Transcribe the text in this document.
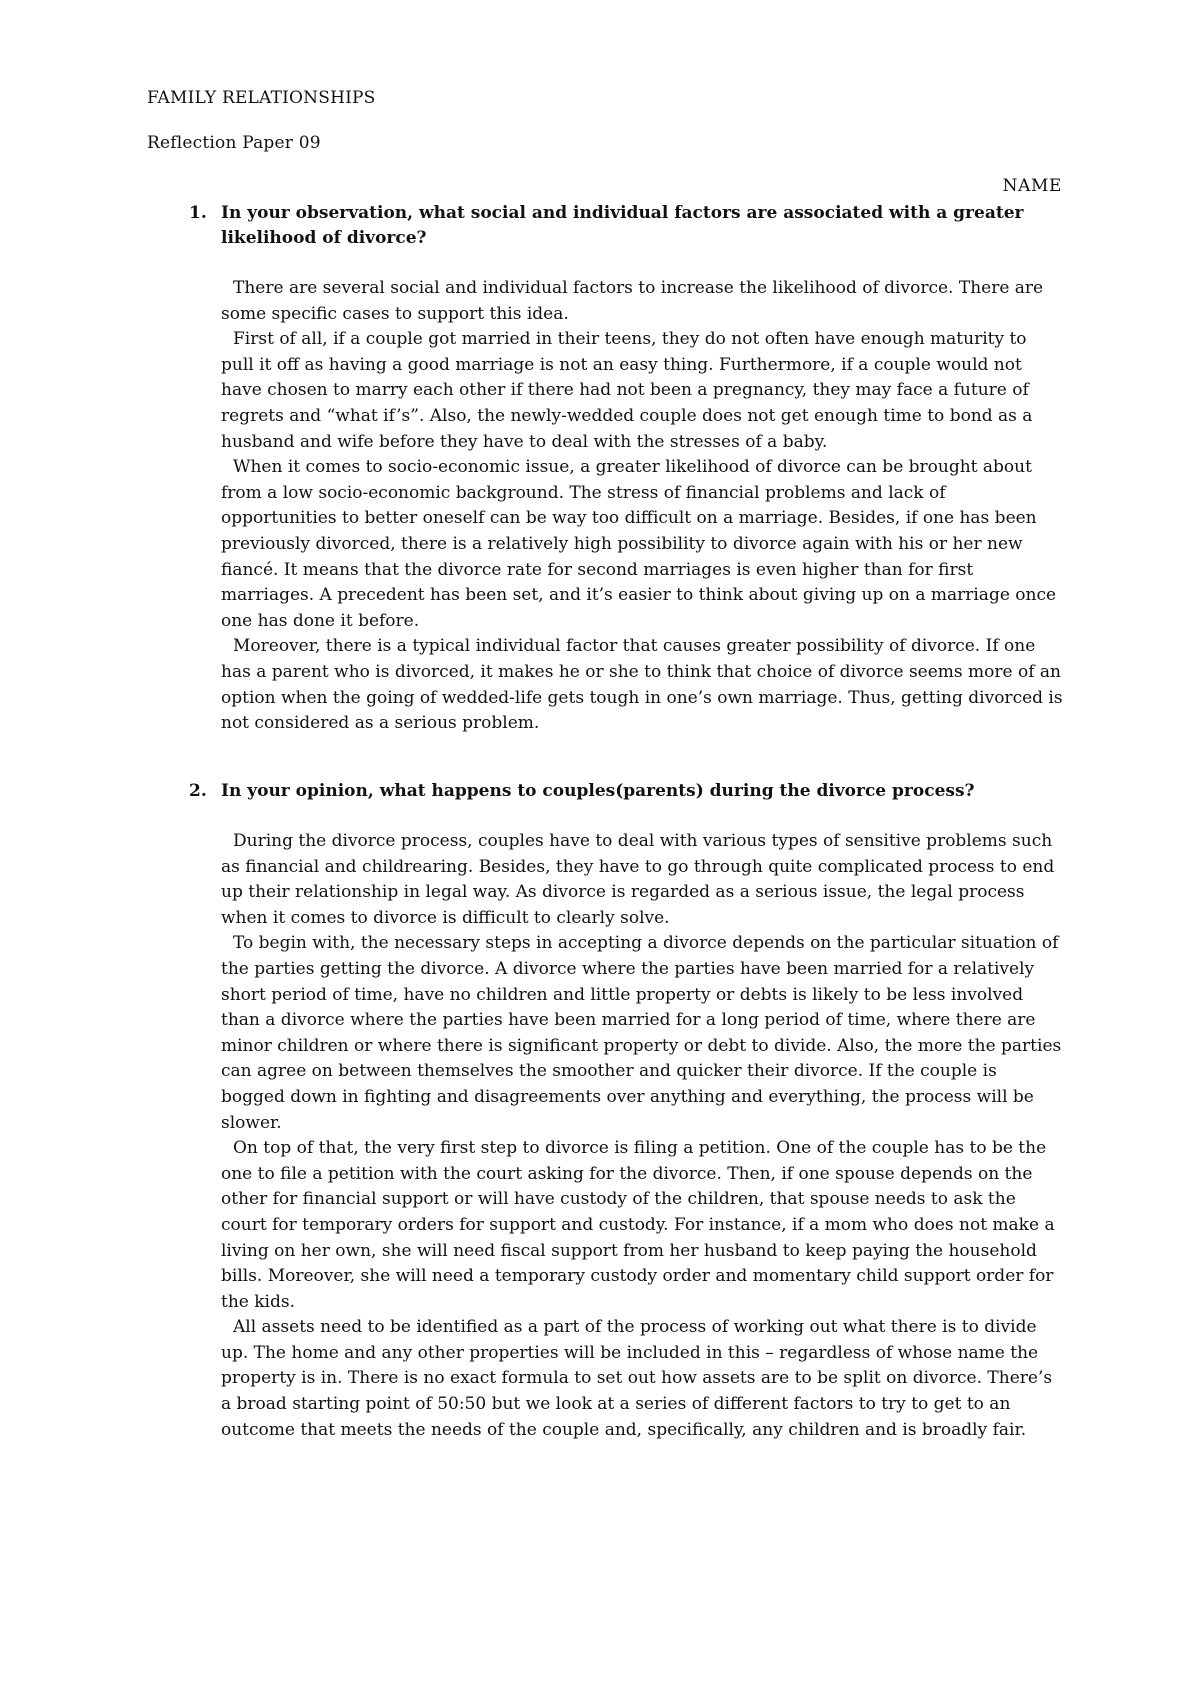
FAMILY RELATIONSHIPS
Reflection Paper 09
NAME
1. In your observation, what social and individual factors are associated with a greater likelihood of divorce?

There are several social and individual factors to increase the likelihood of divorce. There are some specific cases to support this idea.

First of all, if a couple got married in their teens, they do not often have enough maturity to pull it off as having a good marriage is not an easy thing. Furthermore, if a couple would not have chosen to marry each other if there had not been a pregnancy, they may face a future of regrets and “what if’s”. Also, the newly-wedded couple does not get enough time to bond as a husband and wife before they have to deal with the stresses of a baby.

When it comes to socio-economic issue, a greater likelihood of divorce can be brought about from a low socio-economic background. The stress of financial problems and lack of opportunities to better oneself can be way too difficult on a marriage. Besides, if one has been previously divorced, there is a relatively high possibility to divorce again with his or her new fiancé. It means that the divorce rate for second marriages is even higher than for first marriages. A precedent has been set, and it’s easier to think about giving up on a marriage once one has done it before.

Moreover, there is a typical individual factor that causes greater possibility of divorce. If one has a parent who is divorced, it makes he or she to think that choice of divorce seems more of an option when the going of wedded-life gets tough in one’s own marriage. Thus, getting divorced is not considered as a serious problem.

2. In your opinion, what happens to couples(parents) during the divorce process?

During the divorce process, couples have to deal with various types of sensitive problems such as financial and childrearing. Besides, they have to go through quite complicated process to end up their relationship in legal way. As divorce is regarded as a serious issue, the legal process when it comes to divorce is difficult to clearly solve.

To begin with, the necessary steps in accepting a divorce depends on the particular situation of the parties getting the divorce. A divorce where the parties have been married for a relatively short period of time, have no children and little property or debts is likely to be less involved than a divorce where the parties have been married for a long period of time, where there are minor children or where there is significant property or debt to divide. Also, the more the parties can agree on between themselves the smoother and quicker their divorce. If the couple is bogged down in fighting and disagreements over anything and everything, the process will be slower.

On top of that, the very first step to divorce is filing a petition. One of the couple has to be the one to file a petition with the court asking for the divorce. Then, if one spouse depends on the other for financial support or will have custody of the children, that spouse needs to ask the court for temporary orders for support and custody. For instance, if a mom who does not make a living on her own, she will need fiscal support from her husband to keep paying the household bills. Moreover, she will need a temporary custody order and momentary child support order for the kids.

All assets need to be identified as a part of the process of working out what there is to divide up. The home and any other properties will be included in this – regardless of whose name the property is in. There is no exact formula to set out how assets are to be split on divorce. There’s a broad starting point of 50:50 but we look at a series of different factors to try to get to an outcome that meets the needs of the couple and, specifically, any children and is broadly fair.
